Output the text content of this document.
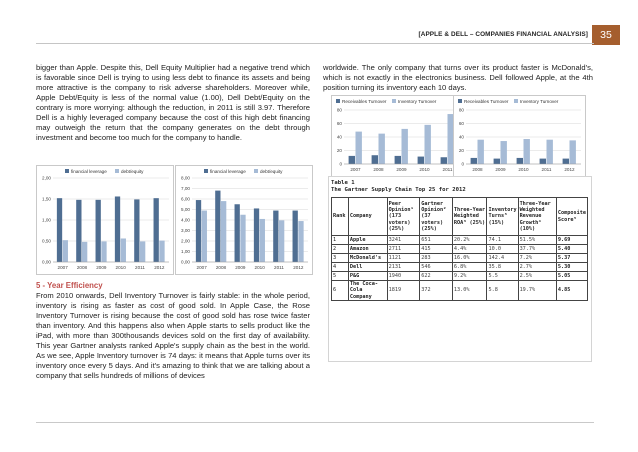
[APPLE & DELL – COMPANIES FINANCIAL ANALYSIS]	35

bigger than Apple. Despite this, Dell Equity Multiplier had a negative trend which is favorable since Dell is trying to using less debt to finance its assets and being more attractive is the company to risk adverse shareholders. Moreover while, Apple Debt/Equity is less of the normal value (1.00), Dell Debt/Equity on the contrary is more worrying: although the reduction, in 2011 is still 3.97. Therefore Dell is a highly leveraged company because the cost of this high debt financing may outweigh the return that the company generates on the debt through investment and become too much for the company to handle.

financial leverage	debt/equity
2,00
1,50
1,00
0,50
0,00
2007 2008 2009 2010 2011 2012
financial leverage	debt/equity
8,00
7,00
6,00
5,00
4,00
3,00
2,00
1,00
0,00
2007 2008 2009 2010 2011 2012
5 - Year Efficiency

From 2010 onwards, Dell Inventory Turnover is fairly stable: in the whole period, inventory is rising as faster as cost of good sold. In Apple Case, the Rose Inventory Turnover is rising because the cost of good sold has rose twice faster than inventory. And this happens also when Apple starts to sells product like the iPad, with more than 300thousands devices sold on the first day of availability. This year Gartner analysts ranked Apple's supply chain as the best in the world. As we see, Apple Inventory turnover is 74 days: it means that Apple turns over its inventory once every 5 days. And it's amazing to think that we are talking about a company that sells hundreds of millions of devices

worldwide. The only company that turns over its product faster is McDonald's, which is not exactly in the electronics business. Dell followed Apple, at the 4th position turning its inventory each 10 days.

Receivables Turnover	Inventory Turnover
80
60
40
20
0
2007	2008	2009	2010	2011
Receivables Turnover	Inventory Turnover
80
60
40
20
0
2008	2009	2010	2011	2012
Table 1
The Gartner Supply Chain Top 25 for 2012
Rank	Company	Peer Opinion¹ (173 voters) (25%)	Gartner Opinion² (37 voters) (25%)	Three-Year Weighted ROA³ (25%)	Inventory Turns³ (15%)	Three-Year Weighted Revenue Growth⁴ (10%)	Composite Score⁵
1	Apple	3241	651	20.2%	74.1	51.5%	9.69
2	Amazon	2711	415	4.4%	10.0	37.7%	5.40
3	McDonald's	1121	283	16.0%	142.4	7.2%	5.37
4	Dell	2131	546	6.8%	35.8	2.7%	5.30
5	P&G	1940	622	9.2%	5.5	2.5%	5.05
6	The Coca-Cola Company	1819	372	13.0%	5.8	19.7%	4.85
